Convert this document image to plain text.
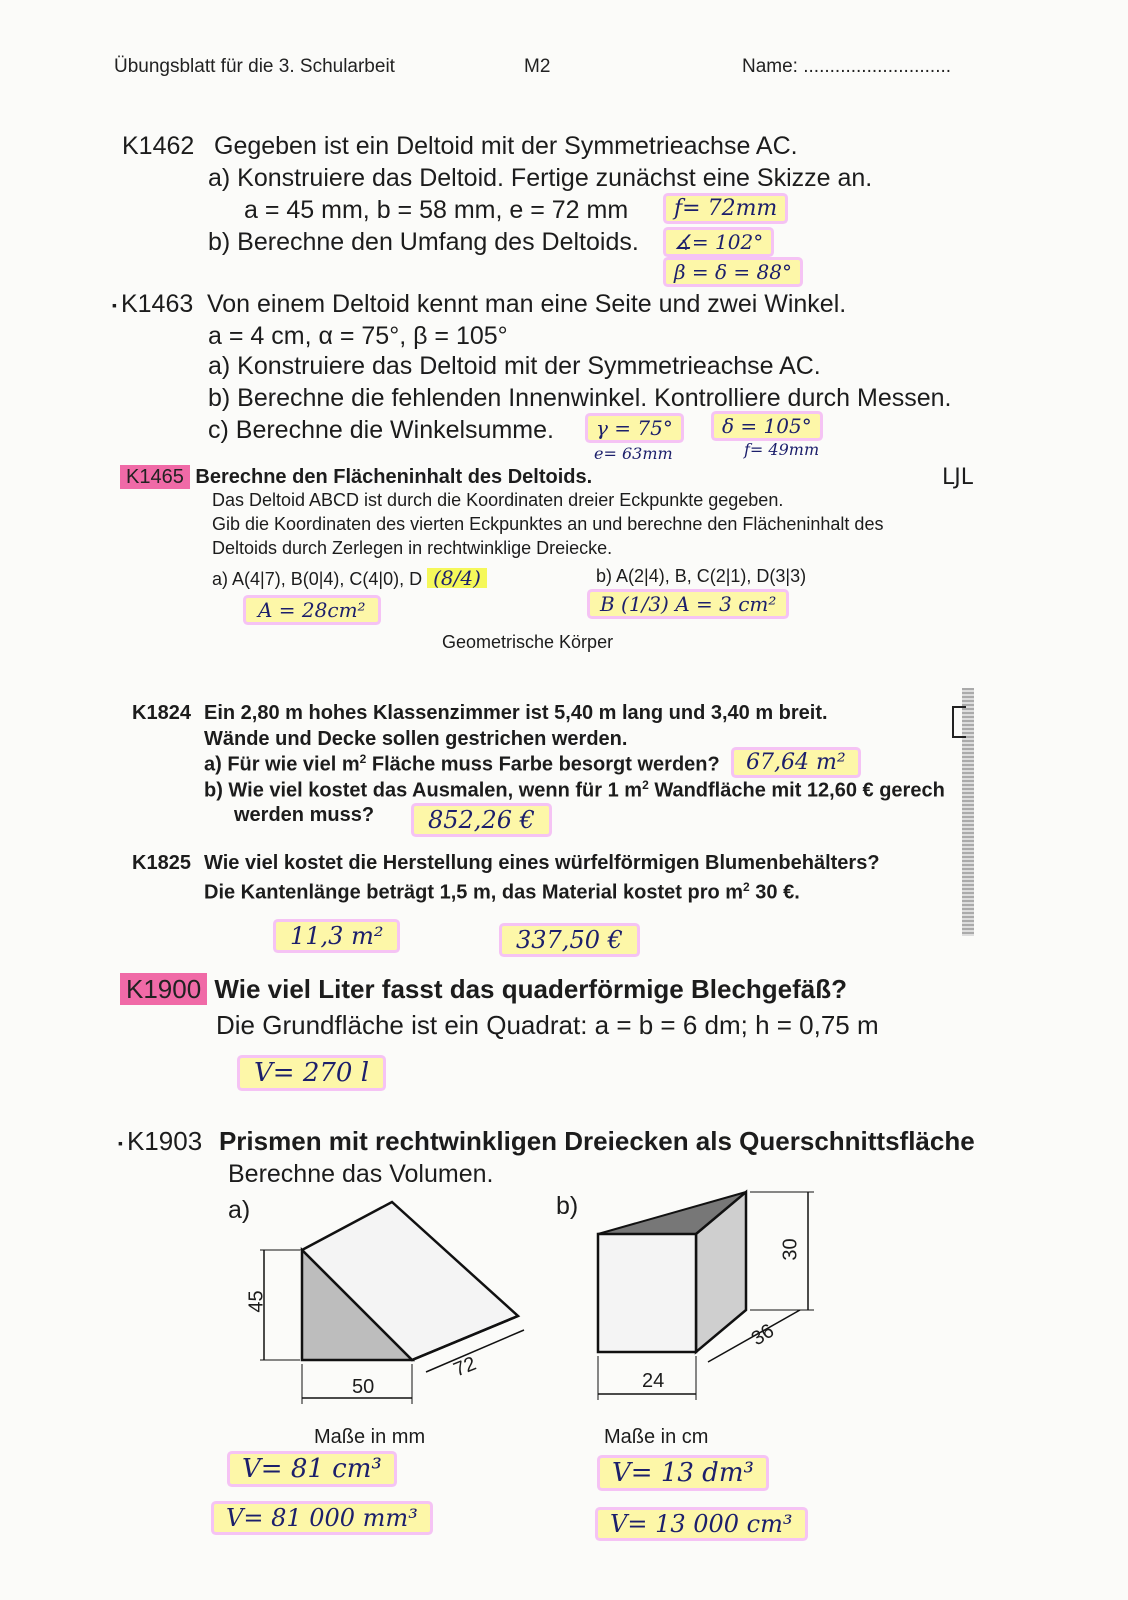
Übungsblatt für die 3. Schularbeit	M2	Name: ............................
K1462 Gegeben ist ein Deltoid mit der Symmetrieachse AC.
a) Konstruiere das Deltoid. Fertige zunächst eine Skizze an.
a = 45 mm, b = 58 mm, e = 72 mm
b) Berechne den Umfang des Deltoids.
f= 72mm
∡= 102°
β = δ = 88°
▪ K1463 Von einem Deltoid kennt man eine Seite und zwei Winkel.
a = 4 cm, α = 75°, β = 105°
a) Konstruiere das Deltoid mit der Symmetrieachse AC.
b) Berechne die fehlenden Innenwinkel. Kontrolliere durch Messen.
c) Berechne die Winkelsumme.	γ = 75°	δ = 105°
e= 63mm	f= 49mm
K1465 Berechne den Flächeninhalt des Deltoids.	LJL
Das Deltoid ABCD ist durch die Koordinaten dreier Eckpunkte gegeben.
Gib die Koordinaten des vierten Eckpunktes an und berechne den Flächeninhalt des
Deltoids durch Zerlegen in rechtwinklige Dreiecke.
a) A(4|7), B(0|4), C(4|0), D (8/4)	b) A(2|4), B, C(2|1), D(3|3)
A = 28cm²	B (1/3) A = 3 cm²
Geometrische Körper
K1824 Ein 2,80 m hohes Klassenzimmer ist 5,40 m lang und 3,40 m breit.
Wände und Decke sollen gestrichen werden.
a) Für wie viel $m^2$ Fläche muss Farbe besorgt werden?
b) Wie viel kostet das Ausmalen, wenn für 1 $m^2$ Wandfläche mit 12,60 € gerech
werden muss?
67,64 m²
852,26 €
K1825 Wie viel kostet die Herstellung eines würfelförmigen Blumenbehälters?
Die Kantenlänge beträgt 1,5 m, das Material kostet pro $m^2$ 30 €.
11,3 m²	337,50 €
K1900 Wie viel Liter fasst das quaderförmige Blechgefäß?
Die Grundfläche ist ein Quadrat: a = b = 6 dm; h = 0,75 m
V= 270 l
▪ K1903 Prismen mit rechtwinkligen Dreiecken als Querschnittsfläche
Berechne das Volumen.
a)	b)
45
50
72
Maße in mm
30
24
36
Maße in cm
V= 81 cm³
V= 81 000 mm³
V= 13 dm³
V= 13 000 cm³
